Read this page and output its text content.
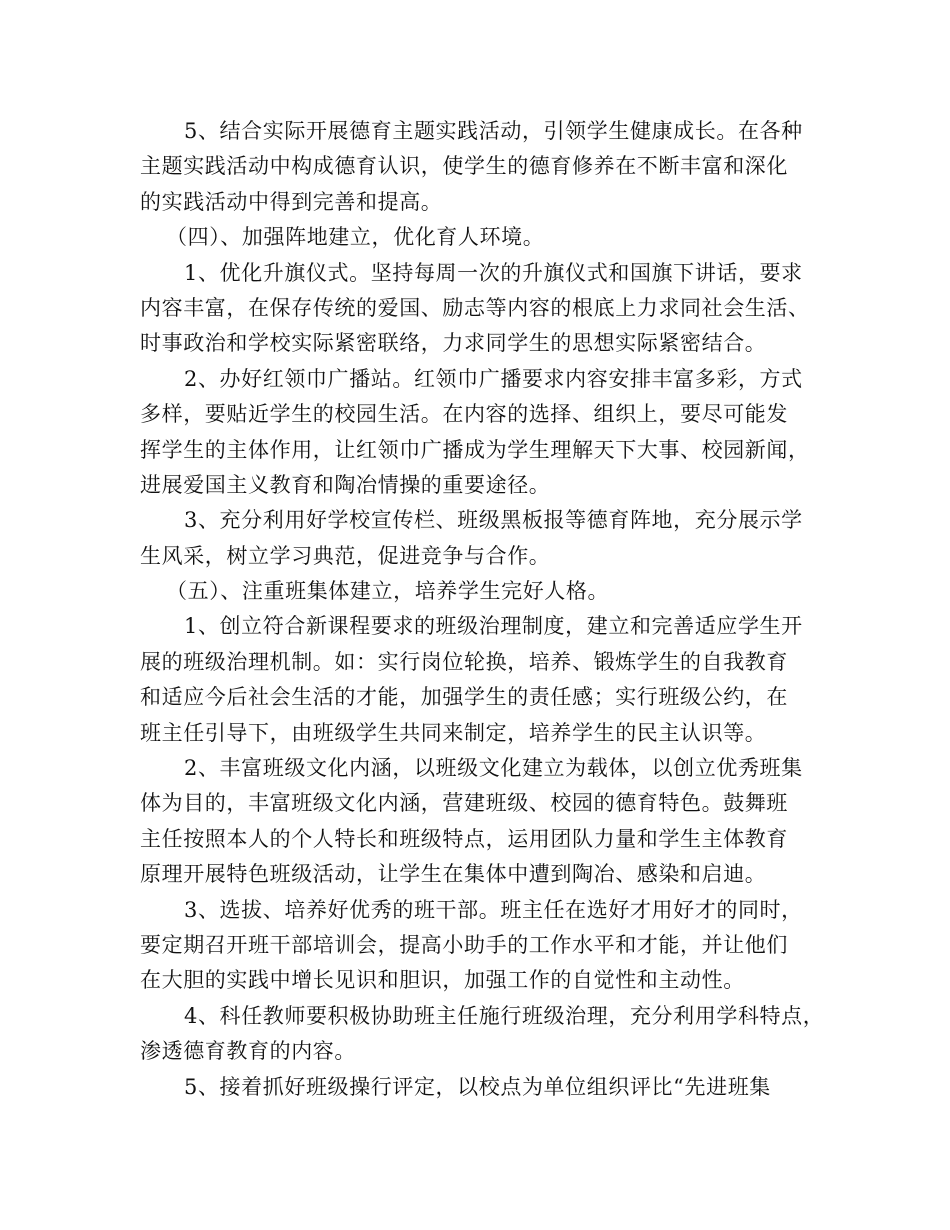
5、结合实际开展德育主题实践活动，引领学生健康成长。在各种
主题实践活动中构成德育认识，使学生的德育修养在不断丰富和深化
的实践活动中得到完善和提高。
（四）、加强阵地建立，优化育人环境。
1、优化升旗仪式。坚持每周一次的升旗仪式和国旗下讲话，要求
内容丰富，在保存传统的爱国、励志等内容的根底上力求同社会生活、
时事政治和学校实际紧密联络，力求同学生的思想实际紧密结合。
2、办好红领巾广播站。红领巾广播要求内容安排丰富多彩，方式
多样，要贴近学生的校园生活。在内容的选择、组织上，要尽可能发
挥学生的主体作用，让红领巾广播成为学生理解天下大事、校园新闻，
进展爱国主义教育和陶冶情操的重要途径。
3、充分利用好学校宣传栏、班级黑板报等德育阵地，充分展示学
生风采，树立学习典范，促进竞争与合作。
（五）、注重班集体建立，培养学生完好人格。
1、创立符合新课程要求的班级治理制度，建立和完善适应学生开
展的班级治理机制。如：实行岗位轮换，培养、锻炼学生的自我教育
和适应今后社会生活的才能，加强学生的责任感；实行班级公约，在
班主任引导下，由班级学生共同来制定，培养学生的民主认识等。
2、丰富班级文化内涵，以班级文化建立为载体，以创立优秀班集
体为目的，丰富班级文化内涵，营建班级、校园的德育特色。鼓舞班
主任按照本人的个人特长和班级特点，运用团队力量和学生主体教育
原理开展特色班级活动，让学生在集体中遭到陶冶、感染和启迪。
3、选拔、培养好优秀的班干部。班主任在选好才用好才的同时，
要定期召开班干部培训会，提高小助手的工作水平和才能，并让他们
在大胆的实践中增长见识和胆识，加强工作的自觉性和主动性。
4、科任教师要积极协助班主任施行班级治理，充分利用学科特点，
渗透德育教育的内容。
5、接着抓好班级操行评定，以校点为单位组织评比“先进班集
